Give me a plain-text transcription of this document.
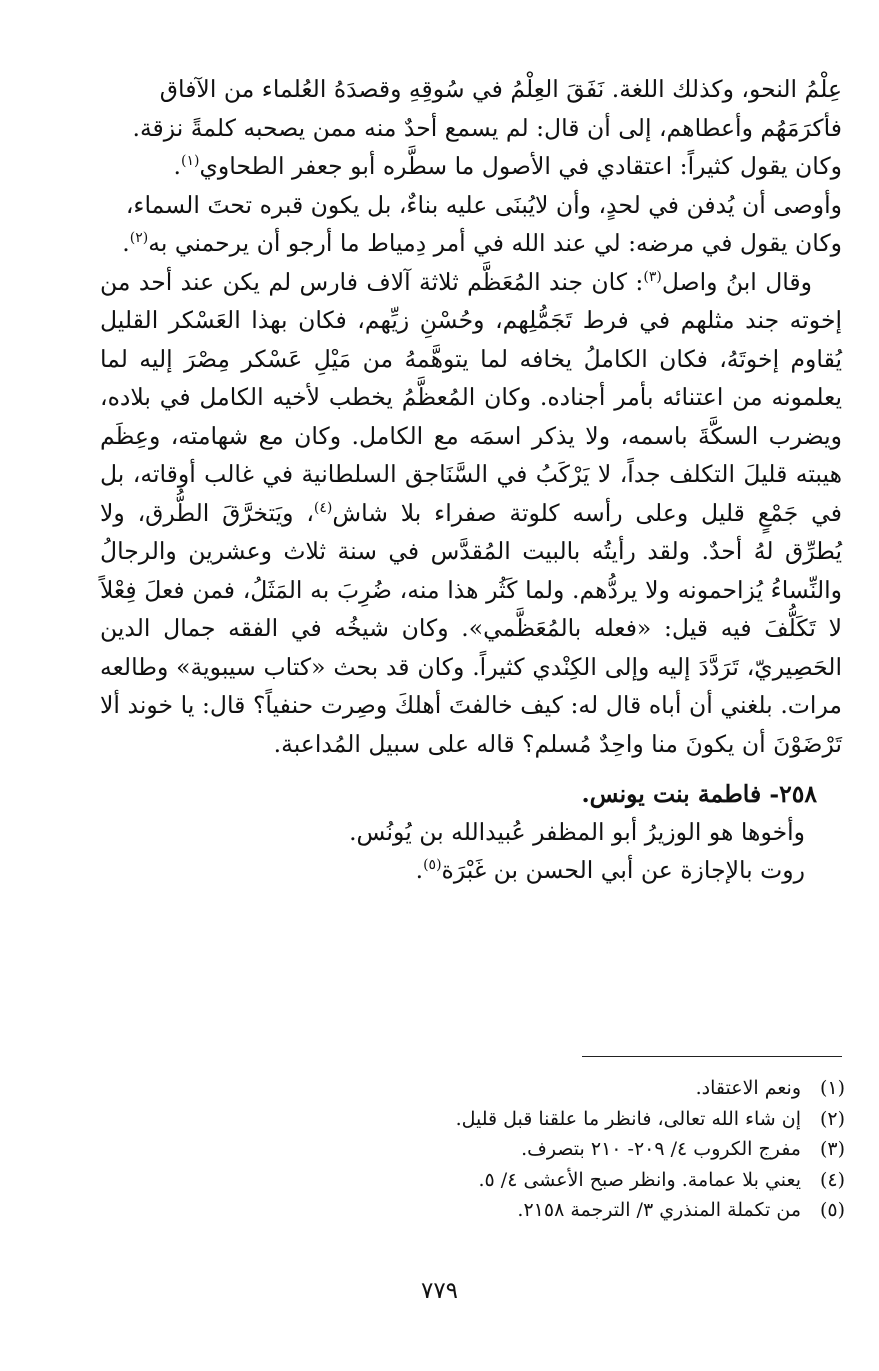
عِلْمُ النحو، وكذلك اللغة. نَفَقَ العِلْمُ في سُوقِهِ وقصدَهُ العُلماء من الآفاق

فأكرَمَهُم وأعطاهم، إلى أن قال: لم يسمع أحدٌ منه ممن يصحبه كلمةً نزقة.

وكان يقول كثيراً: اعتقادي في الأصول ما سطَّره أبو جعفر الطحاوي$^{(١)}$.

وأوصى أن يُدفن في لحدٍ، وأن لايُبنَى عليه بناءٌ، بل يكون قبره تحتَ السماء،

وكان يقول في مرضه: لي عند الله في أمر دِمياط ما أرجو أن يرحمني به$^{(٢)}$.

وقال ابنُ واصل$^{(٣)}$: كان جند المُعَظَّم ثلاثة آلاف فارس لم يكن عند أحد من إخوته جند مثلهم في فرط تَجَمُّلِهم، وحُسْنِ زيِّهم، فكان بهذا العَسْكر القليل يُقاوم إخوتَهُ، فكان الكاملُ يخافه لما يتوهَّمهُ من مَيْلِ عَسْكر مِصْرَ إليه لما يعلمونه من اعتنائه بأمر أجناده. وكان المُعظَّمُ يخطب لأخيه الكامل في بلاده، ويضرب السكَّةَ باسمه، ولا يذكر اسمَه مع الكامل. وكان مع شهامته، وعِظَم هيبته قليلَ التكلف جداً، لا يَرْكَبُ في السَّنَاجق السلطانية في غالب أوقاته، بل في جَمْعٍ قليل وعلى رأسه كلوتة صفراء بلا شاش$^{(٤)}$، ويَتخرَّقَ الطُّرق، ولا يُطرِّق لهُ أحدٌ. ولقد رأيتُه بالبيت المُقدَّس في سنة ثلاث وعشرين والرجالُ والنِّساءُ يُزاحمونه ولا يردُّهم. ولما كَثُر هذا منه، ضُرِبَ به المَثَلُ، فمن فعلَ فِعْلاً لا تَكَلُّفَ فيه قيل: «فعله بالمُعَظَّمي». وكان شيخُه في الفقه جمال الدين الحَصِيريّ، تَرَدَّدَ إليه وإلى الكِنْدي كثيراً. وكان قد بحث «كتاب سيبوية» وطالعه مرات. بلغني أن أباه قال له: كيف خالفتَ أهلكَ وصِرت حنفياً؟ قال: يا خوند ألا تَرْضَوْنَ أن يكونَ منا واحِدٌ مُسلم؟ قاله على سبيل المُداعبة.

٢٥٨- فاطمة بنت يونس.

وأخوها هو الوزيرُ أبو المظفر عُبيدالله بن يُونُس.

روت بالإجازة عن أبي الحسن بن غَبْرَة$^{(٥)}$.

(١)
ونعم الاعتقاد.
(٢)
إن شاء الله تعالى، فانظر ما علقنا قبل قليل.
(٣)
مفرج الكروب ٤/ ٢٠٩- ٢١٠ بتصرف.
(٤)
يعني بلا عمامة. وانظر صبح الأعشى ٤/ ٥.
(٥)
من تكملة المنذري ٣/ الترجمة ٢١٥٨.
٧٧٩
